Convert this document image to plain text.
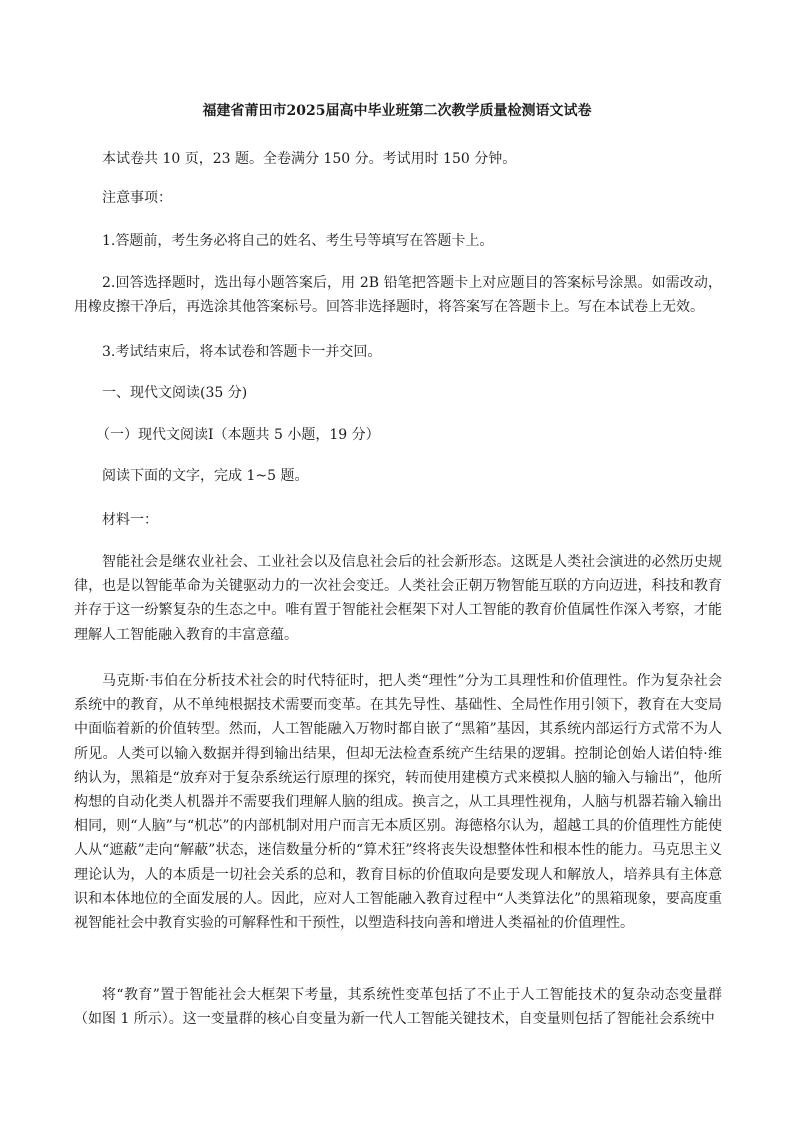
福建省莆田市2025届高中毕业班第二次教学质量检测语文试卷
本试卷共 10 页，23 题。全卷满分 150 分。考试用时 150 分钟。
注意事项：
1.答题前，考生务必将自己的姓名、考生号等填写在答题卡上。
2.回答选择题时，选出每小题答案后，用 2B 铅笔把答题卡上对应题目的答案标号涂黑。如需改动，用橡皮擦干净后，再选涂其他答案标号。回答非选择题时，将答案写在答题卡上。写在本试卷上无效。
3.考试结束后，将本试卷和答题卡一并交回。
一、现代文阅读(35 分)
（一）现代文阅读Ⅰ（本题共 5 小题，19 分）
阅读下面的文字，完成 1~5 题。
材料一：
智能社会是继农业社会、工业社会以及信息社会后的社会新形态。这既是人类社会演进的必然历史规律，也是以智能革命为关键驱动力的一次社会变迁。人类社会正朝万物智能互联的方向迈进，科技和教育并存于这一纷繁复杂的生态之中。唯有置于智能社会框架下对人工智能的教育价值属性作深入考察，才能理解人工智能融入教育的丰富意蕴。
马克斯·韦伯在分析技术社会的时代特征时，把人类“理性”分为工具理性和价值理性。作为复杂社会系统中的教育，从不单纯根据技术需要而变革。在其先导性、基础性、全局性作用引领下，教育在大变局中面临着新的价值转型。然而，人工智能融入万物时都自嵌了“黑箱”基因，其系统内部运行方式常不为人所见。人类可以输入数据并得到输出结果，但却无法检查系统产生结果的逻辑。控制论创始人诺伯特·维纳认为，黑箱是“放弃对于复杂系统运行原理的探究，转而使用建模方式来模拟人脑的输入与输出”，他所构想的自动化类人机器并不需要我们理解人脑的组成。换言之，从工具理性视角，人脑与机器若输入输出相同，则“人脑”与“机芯”的内部机制对用户而言无本质区别。海德格尔认为，超越工具的价值理性方能使人从“遮蔽”走向“解蔽”状态，迷信数量分析的“算术狂”终将丧失设想整体性和根本性的能力。马克思主义理论认为，人的本质是一切社会关系的总和，教育目标的价值取向是要发现人和解放人，培养具有主体意识和本体地位的全面发展的人。因此，应对人工智能融入教育过程中“人类算法化”的黑箱现象，要高度重视智能社会中教育实验的可解释性和干预性，以塑造科技向善和增进人类福祉的价值理性。
将“教育”置于智能社会大框架下考量，其系统性变革包括了不止于人工智能技术的复杂动态变量群（如图 1 所示）。这一变量群的核心自变量为新一代人工智能关键技术，自变量则包括了智能社会系统中
